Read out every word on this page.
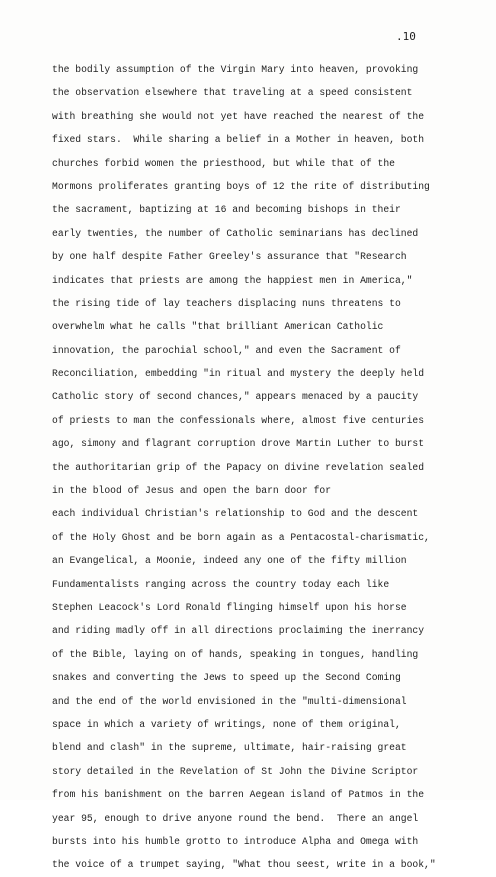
.10
the bodily assumption of the Virgin Mary into heaven, provoking
the observation elsewhere that traveling at a speed consistent
with breathing she would not yet have reached the nearest of the
fixed stars.  While sharing a belief in a Mother in heaven, both
churches forbid women the priesthood, but while that of the
Mormons proliferates granting boys of 12 the rite of distributing
the sacrament, baptizing at 16 and becoming bishops in their
early twenties, the number of Catholic seminarians has declined
by one half despite Father Greeley's assurance that "Research
indicates that priests are among the happiest men in America,"
the rising tide of lay teachers displacing nuns threatens to
overwhelm what he calls "that brilliant American Catholic
innovation, the parochial school," and even the Sacrament of
Reconciliation, embedding "in ritual and mystery the deeply held
Catholic story of second chances," appears menaced by a paucity
of priests to man the confessionals where, almost five centuries
ago, simony and flagrant corruption drove Martin Luther to burst
the authoritarian grip of the Papacy on divine revelation sealed
in the blood of Jesus and open the barn door for
each individual Christian's relationship to God and the descent
of the Holy Ghost and be born again as a Pentacostal-charismatic,
an Evangelical, a Moonie, indeed any one of the fifty million
Fundamentalists ranging across the country today each like
Stephen Leacock's Lord Ronald flinging himself upon his horse
and riding madly off in all directions proclaiming the inerrancy
of the Bible, laying on of hands, speaking in tongues, handling
snakes and converting the Jews to speed up the Second Coming
and the end of the world envisioned in the "multi-dimensional
space in which a variety of writings, none of them original,
blend and clash" in the supreme, ultimate, hair-raising great
story detailed in the Revelation of St John the Divine Scriptor
from his banishment on the barren Aegean island of Patmos in the
year 95, enough to drive anyone round the bend.  There an angel
bursts into his humble grotto to introduce Alpha and Omega with
the voice of a trumpet saying, "What thou seest, write in a book,"
